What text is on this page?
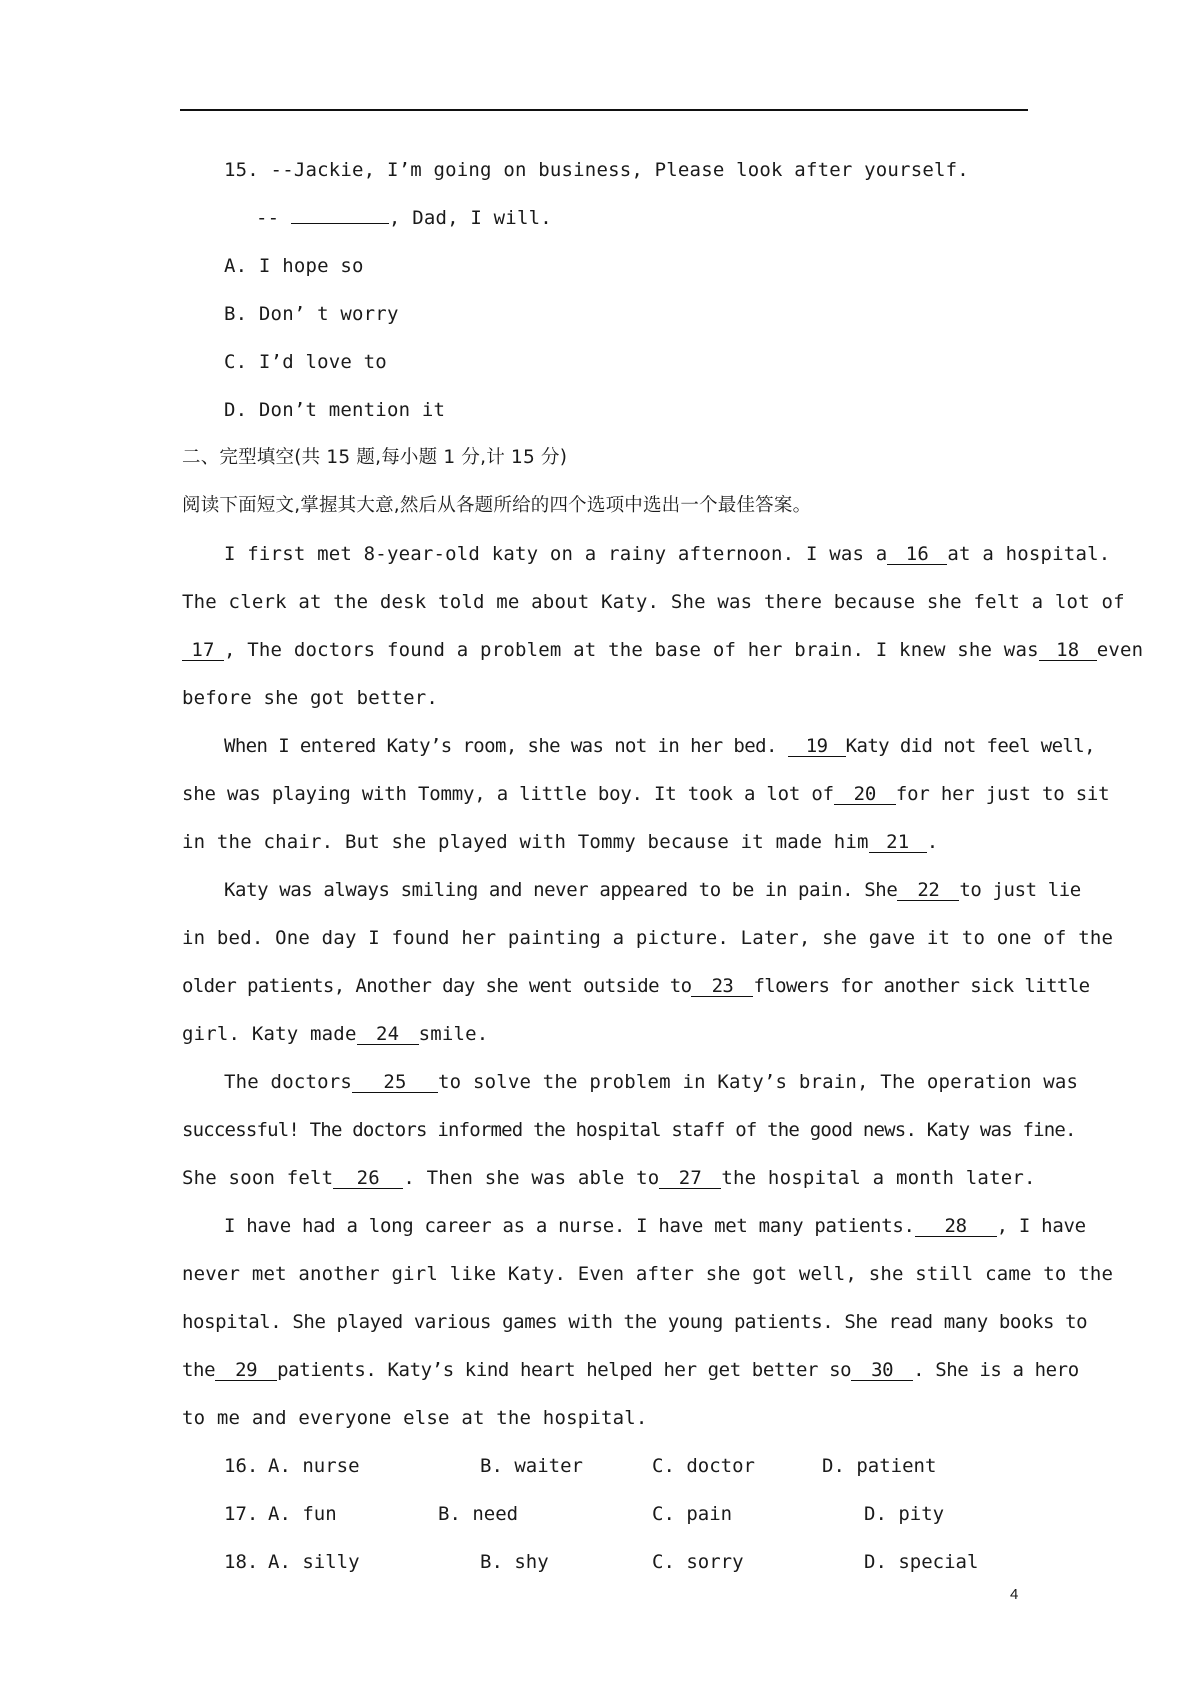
15. --Jackie, I’m going on business, Please look after yourself.
--	, Dad, I will.
A. I hope so
B. Don’ t worry
C. I’d love to
D. Don’t mention it
二、完型填空(共 15 题,每小题 1 分,计 15 分)
阅读下面短文,掌握其大意,然后从各题所给的四个选项中选出一个最佳答案。
I first met 8-year-old katy on a rainy afternoon. I was a 16 at a hospital.
The clerk at the desk told me about Katy. She was there because she felt a lot of
17 , The doctors found a problem at the base of her brain. I knew she was 18 even
before she got better.
When I entered Katy’s room, she was not in her bed. 19 Katy did not feel well,
she was playing with Tommy, a little boy. It took a lot of 20 for her just to sit
in the chair. But she played with Tommy because it made him 21 .
Katy was always smiling and never appeared to be in pain. She 22 to just lie
in bed. One day I found her painting a picture. Later, she gave it to one of the
older patients, Another day she went outside to 23 flowers for another sick little
girl. Katy made 24 smile.
The doctors 25 to solve the problem in Katy’s brain, The operation was
successful! The doctors informed the hospital staff of the good news. Katy was fine.
She soon felt 26 . Then she was able to 27 the hospital a month later.
I have had a long career as a nurse. I have met many patients. 28 , I have
never met another girl like Katy. Even after she got well, she still came to the
hospital. She played various games with the young patients. She read many books to
the 29 patients. Katy’s kind heart helped her get better so 30 . She is a hero
to me and everyone else at the hospital.
16. A. nurse	B. waiter	C. doctor	D. patient
17. A. fun	B. need	C. pain	D. pity
18. A. silly	B. shy	C. sorry	D. special
4
